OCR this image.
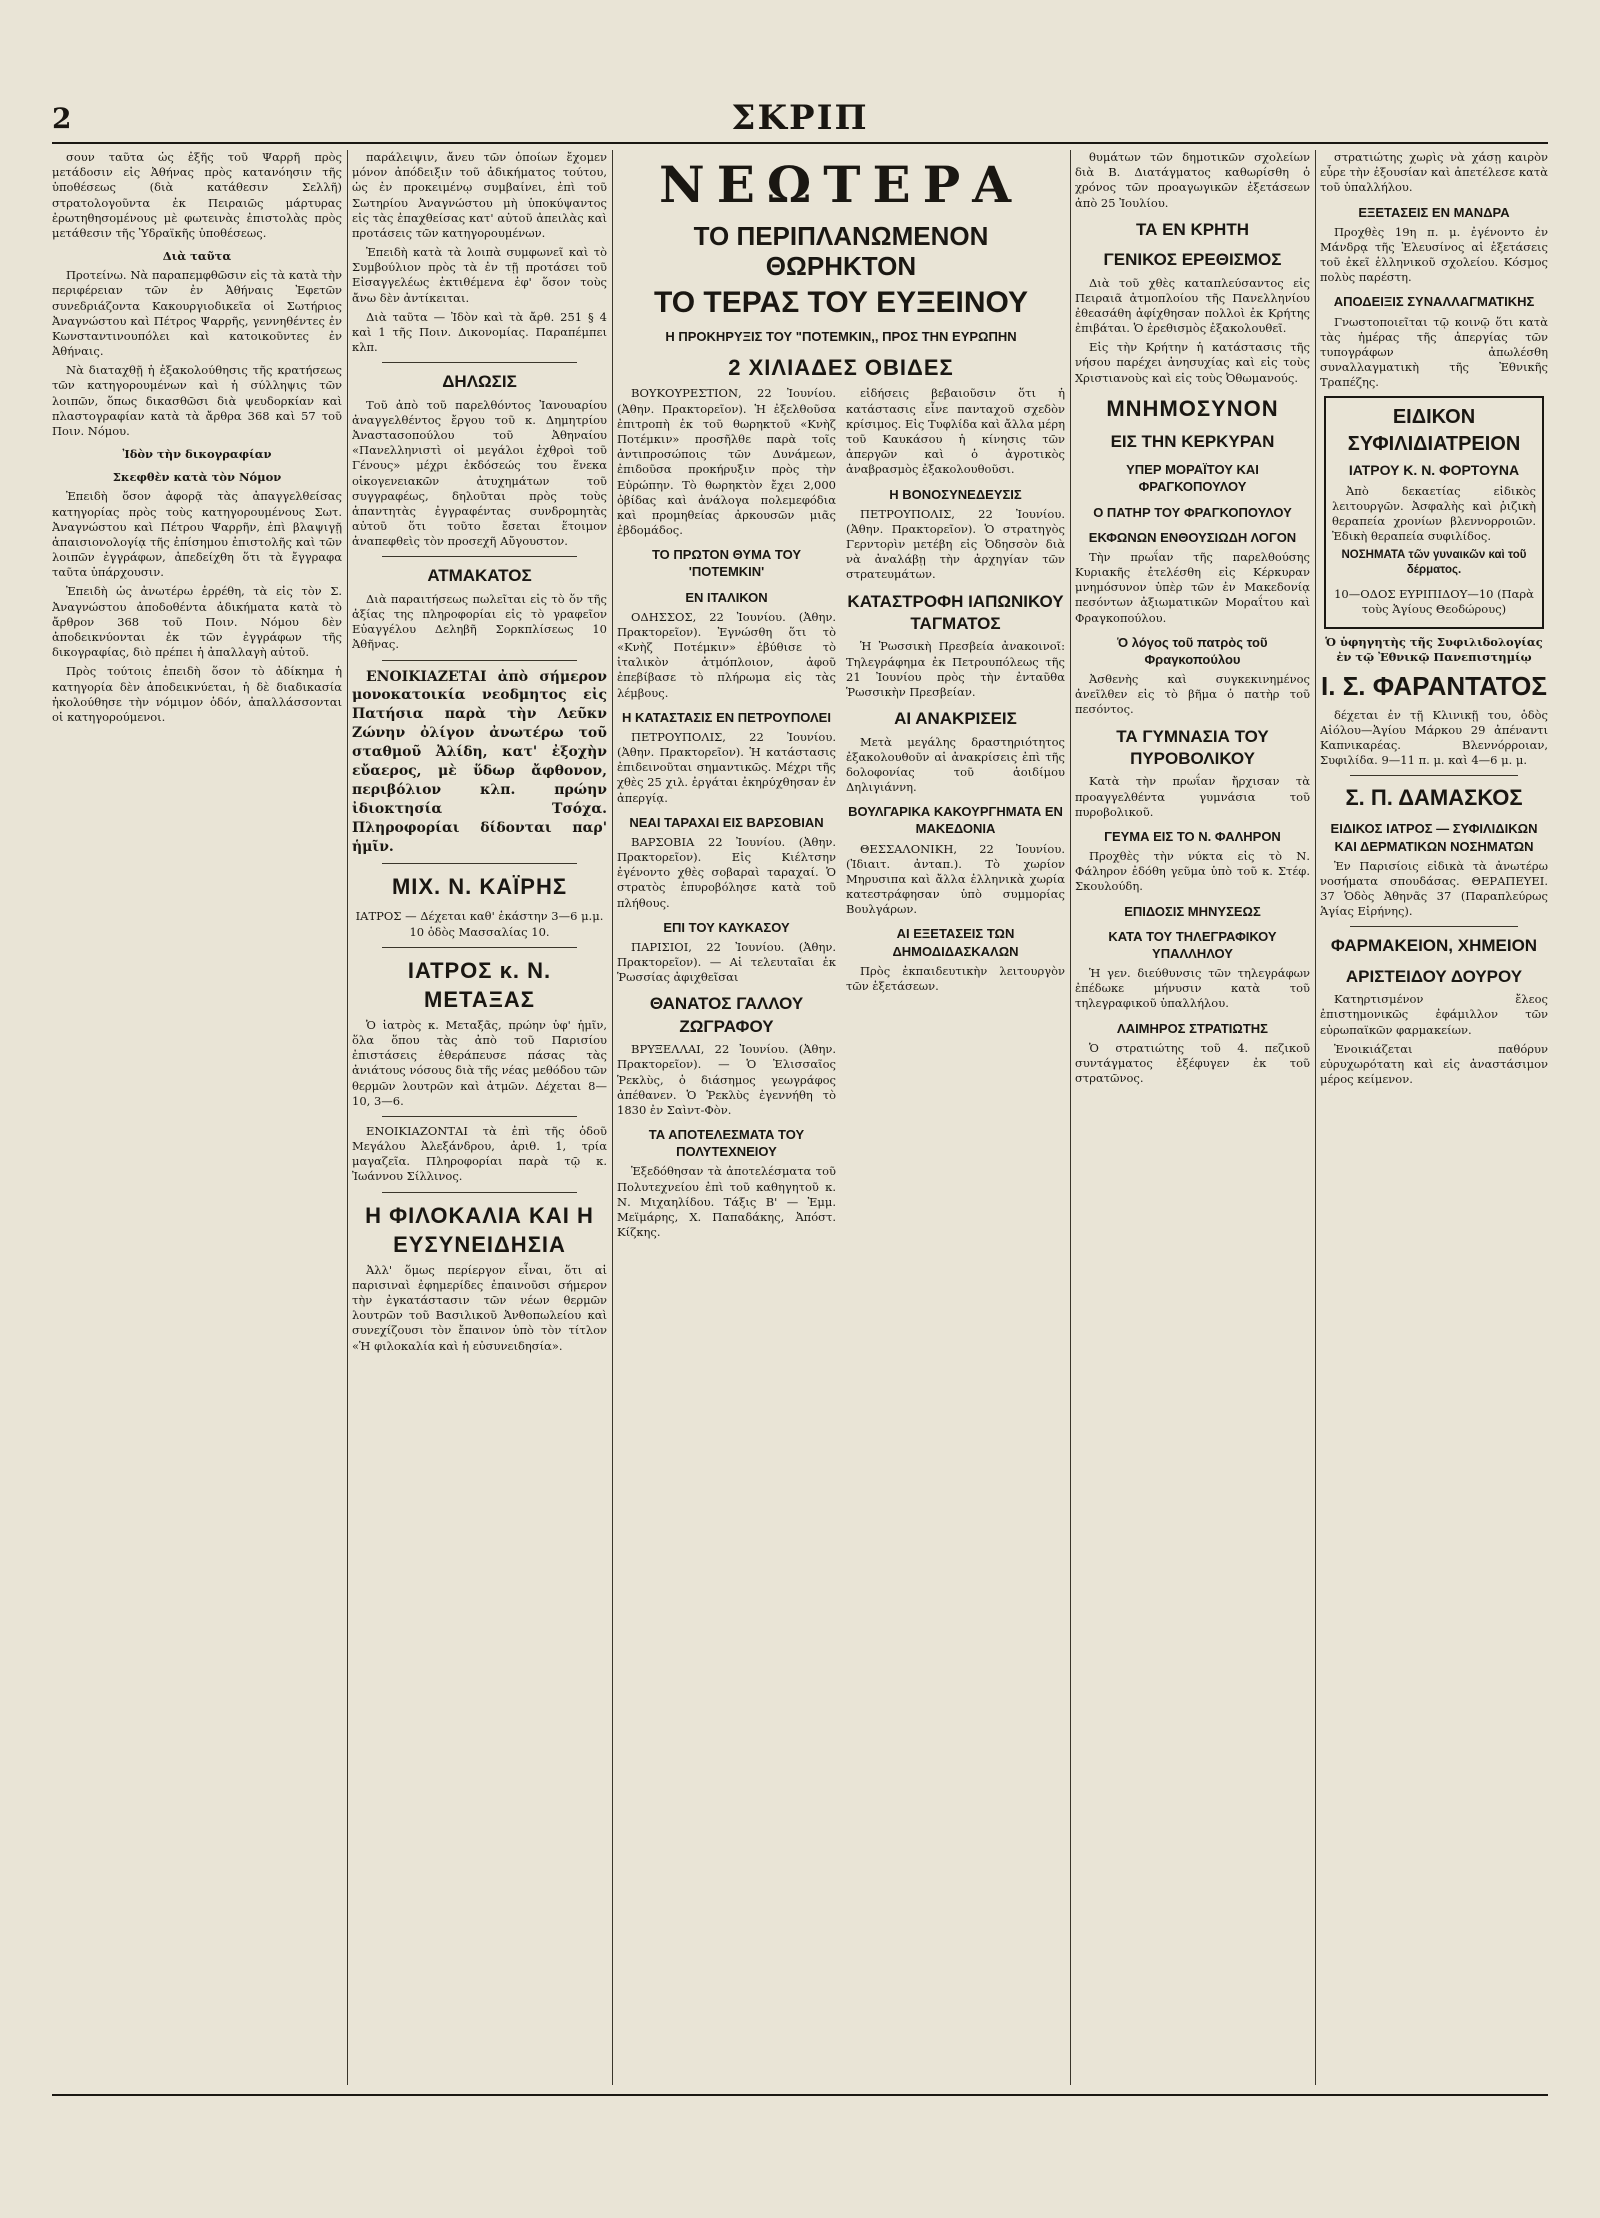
2	ΣΚΡΙΠ

σουν ταῦτα ὡς ἐξῆς τοῦ Ψαρρῆ πρὸς μετάδοσιν εἰς Ἀθήνας πρὸς κατανόησιν τῆς ὑποθέσεως (διὰ κατάθεσιν Σελλῆ) στρατολογοῦντα ἐκ Πειραιῶς μάρτυρας ἐρωτηθησομένους μὲ φωτεινὰς ἐπιστολὰς πρὸς μετάθεσιν τῆς Ὑδραϊκῆς ὑποθέσεως.

Διὰ ταῦτα

Προτείνω. Νὰ παραπεμφθῶσιν εἰς τὰ κατὰ τὴν περιφέρειαν τῶν ἐν Ἀθήναις Ἐφετῶν συνεδριάζοντα Κακουργιοδικεῖα οἱ Σωτήριος Ἀναγνώστου καὶ Πέτρος Ψαρρῆς, γεννηθέντες ἐν Κωνσταντινουπόλει καὶ κατοικοῦντες ἐν Ἀθήναις.

Νὰ διαταχθῇ ἡ ἐξακολούθησις τῆς κρατήσεως τῶν κατηγορουμένων καὶ ἡ σύλληψις τῶν λοιπῶν, ὅπως δικασθῶσι διὰ ψευδορκίαν καὶ πλαστογραφίαν κατὰ τὰ ἄρθρα 368 καὶ 57 τοῦ Ποιν. Νόμου.

Ἰδὸν τὴν δικογραφίαν

Σκεφθὲν κατὰ τὸν Νόμον

Ἐπειδὴ ὅσον ἀφορᾷ τὰς ἀπαγγελθείσας κατηγορίας πρὸς τοὺς κατηγορουμένους Σωτ. Ἀναγνώστου καὶ Πέτρου Ψαρρῆν, ἐπὶ βλαψιγῇ ἀπαισιονολογίᾳ τῆς ἐπίσημου ἐπιστολῆς καὶ τῶν λοιπῶν ἐγγράφων, ἀπεδείχθη ὅτι τὰ ἔγγραφα ταῦτα ὑπάρχουσιν.

Ἐπειδὴ ὡς ἀνωτέρω ἐρρέθη, τὰ εἰς τὸν Σ. Ἀναγνώστου ἀποδοθέντα ἀδικήματα κατὰ τὸ ἄρθρον 368 τοῦ Ποιν. Νόμου δὲν ἀποδεικνύονται ἐκ τῶν ἐγγράφων τῆς δικογραφίας, διὸ πρέπει ἡ ἀπαλλαγὴ αὐτοῦ.

Πρὸς τούτοις ἐπειδὴ ὅσον τὸ ἀδίκημα ἡ κατηγορία δὲν ἀποδεικνύεται, ἡ δὲ διαδικασία ἠκολούθησε τὴν νόμιμον ὁδόν, ἀπαλλάσσονται οἱ κατηγορούμενοι.

παράλειψιν, ἄνευ τῶν ὁποίων ἔχομεν μόνον ἀπόδειξιν τοῦ ἀδικήματος τούτου, ὡς ἐν προκειμένῳ συμβαίνει, ἐπὶ τοῦ Σωτηρίου Ἀναγνώστου μὴ ὑποκύψαντος εἰς τὰς ἐπαχθείσας κατ' αὐτοῦ ἀπειλὰς καὶ προτάσεις τῶν κατηγορουμένων.

Ἐπειδὴ κατὰ τὰ λοιπὰ συμφωνεῖ καὶ τὸ Συμβούλιον πρὸς τὰ ἐν τῇ προτάσει τοῦ Εἰσαγγελέως ἐκτιθέμενα ἐφ' ὅσον τοὺς ἄνω δὲν ἀντίκειται.

Διὰ ταῦτα — Ἰδὸν καὶ τὰ ἄρθ. 251 § 4 καὶ 1 τῆς Ποιν. Δικονομίας. Παραπέμπει κλπ.

ΔΗΛΩΣΙΣ

Τοῦ ἀπὸ τοῦ παρελθόντος Ἰανουαρίου ἀναγγελθέντος ἔργου τοῦ κ. Δημητρίου Ἀναστασοπούλου τοῦ Ἀθηναίου «Πανελληνιστὶ οἱ μεγάλοι ἐχθροὶ τοῦ Γένους» μέχρι ἐκδόσεώς του ἕνεκα οἰκογενειακῶν ἀτυχημάτων τοῦ συγγραφέως, δηλοῦται πρὸς τοὺς ἀπαντητὰς ἐγγραφέντας συνδρομητὰς αὐτοῦ ὅτι τοῦτο ἔσεται ἕτοιμον ἀναπεφθεὶς τὸν προσεχῆ Αὔγουστον.

ΑΤΜΑΚΑΤΟΣ

Διὰ παραιτήσεως πωλεῖται εἰς τὸ ὅν τῆς ἀξίας της πληροφορίαι εἰς τὸ γραφεῖον Εὐαγγέλου Δεληβῆ Σορκπλίσεως 10 Ἀθῆνας.

ΕΝΟΙΚΙΑΖΕΤΑΙ ἀπὸ σήμερον μονοκατοικία νεοδμητος εἰς Πατήσια παρὰ τὴν Λεῦκν Ζώνην ὀλίγον ἀνωτέρω τοῦ σταθμοῦ Ἀλίδη, κατ' ἐξοχὴν εὔαερος, μὲ ὕδωρ ἄφθονον, περιβόλιον κλπ. πρώην ἰδιοκτησία Τσόχα. Πληροφορίαι δίδονται παρ' ἡμῖν.

ΜΙΧ. Ν. ΚΑΪΡΗΣ

ΙΑΤΡΟΣ — Δέχεται καθ' ἑκάστην 3—6 μ.μ. 10 ὁδὸς Μασσαλίας 10.

ΙΑΤΡΟΣ κ. Ν. ΜΕΤΑΞΑΣ

Ὁ ἰατρὸς κ. Μεταξᾶς, πρώην ὑφ' ἡμῖν, ὅλα ὅπου τὰς ἀπὸ τοῦ Παρισίου ἐπιστάσεις ἐθεράπευσε πάσας τὰς ἀνιάτους νόσους διὰ τῆς νέας μεθόδου τῶν θερμῶν λουτρῶν καὶ ἀτμῶν. Δέχεται 8—10, 3—6.

ΕΝΟΙΚΙΑΖΟΝΤΑΙ τὰ ἐπὶ τῆς ὁδοῦ Μεγάλου Ἀλεξάνδρου, ἀριθ. 1, τρία μαγαζεῖα. Πληροφορίαι παρὰ τῷ κ. Ἰωάννου Σίλλινος.

Η ΦΙΛΟΚΑΛΙΑ ΚΑΙ Η ΕΥΣΥΝΕΙΔΗΣΙΑ

Ἀλλ' ὅμως περίεργον εἶναι, ὅτι αἱ παρισιναὶ ἐφημερίδες ἐπαινοῦσι σήμερον τὴν ἐγκατάστασιν τῶν νέων θερμῶν λουτρῶν τοῦ Βασιλικοῦ Ἀνθοπωλείου καὶ συνεχίζουσι τὸν ἔπαινον ὑπὸ τὸν τίτλον «Ἡ φιλοκαλία καὶ ἡ εὐσυνειδησία».

ΝΕΩΤΕΡΑ
ΤΟ ΠΕΡΙΠΛΑΝΩΜΕΝΟΝ ΘΩΡΗΚΤΟΝ
ΤΟ ΤΕΡΑΣ ΤΟΥ ΕΥΞΕΙΝΟΥ

Η ΠΡΟΚΗΡΥΞΙΣ ΤΟΥ "ΠΟΤΕΜΚΙΝ,, ΠΡΟΣ ΤΗΝ ΕΥΡΩΠΗΝ

2 ΧΙΛΙΑΔΕΣ ΟΒΙΔΕΣ

ΒΟΥΚΟΥΡΕΣΤΙΟΝ, 22 Ἰουνίου. (Ἀθην. Πρακτορεῖον). Ἡ ἐξελθοῦσα ἐπιτροπὴ ἐκ τοῦ θωρηκτοῦ «Κνὴζ Ποτέμκιν» προσῆλθε παρὰ τοῖς ἀντιπροσώποις τῶν Δυνάμεων, ἐπιδοῦσα προκήρυξιν πρὸς τὴν Εὐρώπην. Τὸ θωρηκτὸν ἔχει 2,000 ὀβίδας καὶ ἀνάλογα πολεμεφόδια καὶ προμηθείας ἀρκουσῶν μιᾶς ἐβδομάδος.

ΤΟ ΠΡΩΤΟΝ ΘΥΜΑ ΤΟΥ 'ΠΟΤΕΜΚΙΝ'

ΕΝ ΙΤΑΛΙΚΟΝ

ΟΔΗΣΣΟΣ, 22 Ἰουνίου. (Ἀθην. Πρακτορεῖον). Ἐγνώσθη ὅτι τὸ «Κνὴζ Ποτέμκιν» ἐβύθισε τὸ ἰταλικὸν ἀτμόπλοιον, ἀφοῦ ἐπεβίβασε τὸ πλήρωμα εἰς τὰς λέμβους.

Η ΚΑΤΑΣΤΑΣΙΣ ΕΝ ΠΕΤΡΟΥΠΟΛΕΙ

ΠΕΤΡΟΥΠΟΛΙΣ, 22 Ἰουνίου. (Ἀθην. Πρακτορεῖον). Ἡ κατάστασις ἐπιδεινοῦται σημαντικῶς. Μέχρι τῆς χθὲς 25 χιλ. ἐργάται ἐκηρύχθησαν ἐν ἀπεργίᾳ.

ΝΕΑΙ ΤΑΡΑΧΑΙ ΕΙΣ ΒΑΡΣΟΒΙΑΝ

ΒΑΡΣΟΒΙΑ 22 Ἰουνίου. (Ἀθην. Πρακτορεῖον). Εἰς Κιέλτσην ἐγένοντο χθὲς σοβαραὶ ταραχαί. Ὁ στρατὸς ἐπυροβόλησε κατὰ τοῦ πλήθους.

ΕΠΙ ΤΟΥ ΚΑΥΚΑΣΟΥ

ΠΑΡΙΣΙΟΙ, 22 Ἰουνίου. (Ἀθην. Πρακτορεῖον). — Αἱ τελευταῖαι ἐκ Ῥωσσίας ἀφιχθεῖσαι

ΘΑΝΑΤΟΣ ΓΑΛΛΟΥ ΖΩΓΡΑΦΟΥ

ΒΡΥΞΕΛΛΑΙ, 22 Ἰουνίου. (Ἀθην. Πρακτορεῖον). — Ὁ Ἐλισσαῖος Ῥεκλὺς, ὁ διάσημος γεωγράφος ἀπέθανεν. Ὁ Ῥεκλὺς ἐγεννήθη τὸ 1830 ἐν Σαὶντ-Φὸν.

ΤΑ ΑΠΟΤΕΛΕΣΜΑΤΑ ΤΟΥ ΠΟΛΥΤΕΧΝΕΙΟΥ

Ἐξεδόθησαν τὰ ἀποτελέσματα τοῦ Πολυτεχνείου ἐπὶ τοῦ καθηγητοῦ κ. Ν. Μιχαηλίδου. Τάξις Β' — Ἐμμ. Μεϊμάρης, Χ. Παπαδάκης, Ἀπόστ. Κίζκης.

εἰδήσεις βεβαιοῦσιν ὅτι ἡ κατάστασις εἶνε πανταχοῦ σχεδὸν κρίσιμος. Εἰς Τυφλίδα καὶ ἄλλα μέρη τοῦ Καυκάσου ἡ κίνησις τῶν ἀπεργῶν καὶ ὁ ἀγροτικὸς ἀναβρασμὸς ἐξακολουθοῦσι.

Η ΒΟΝΟΣΥΝΕΔΕΥΣΙΣ

ΠΕΤΡΟΥΠΟΛΙΣ, 22 Ἰουνίου. (Ἀθην. Πρακτορεῖον). Ὁ στρατηγὸς Γερντορὶν μετέβη εἰς Ὀδησσὸν διὰ νὰ ἀναλάβῃ τὴν ἀρχηγίαν τῶν στρατευμάτων.

ΚΑΤΑΣΤΡΟΦΗ ΙΑΠΩΝΙΚΟΥ ΤΑΓΜΑΤΟΣ

Ἡ Ῥωσσικὴ Πρεσβεία ἀνακοινοῖ: Τηλεγράφημα ἐκ Πετρουπόλεως τῆς 21 Ἰουνίου πρὸς τὴν ἐνταῦθα Ῥωσσικὴν Πρεσβείαν.

ΑΙ ΑΝΑΚΡΙΣΕΙΣ

Μετὰ μεγάλης δραστηριότητος ἐξακολουθοῦν αἱ ἀνακρίσεις ἐπὶ τῆς δολοφονίας τοῦ ἀοιδίμου Δηλιγιάννη.

ΒΟΥΛΓΑΡΙΚΑ ΚΑΚΟΥΡΓΗΜΑΤΑ ΕΝ ΜΑΚΕΔΟΝΙΑ

ΘΕΣΣΑΛΟΝΙΚΗ, 22 Ἰουνίου. (Ἰδιαιτ. ἀνταπ.). Τὸ χωρίον Μηρυσιπα καὶ ἄλλα ἐλληνικὰ χωρία κατεστράφησαν ὑπὸ συμμορίας Βουλγάρων.

ΑΙ ΕΞΕΤΑΣΕΙΣ ΤΩΝ ΔΗΜΟΔΙΔΑΣΚΑΛΩΝ

Πρὸς ἐκπαιδευτικὴν λειτουργὸν τῶν ἑξετάσεων.

θυμάτων τῶν δημοτικῶν σχολείων διὰ Β. Διατάγματος καθωρίσθη ὁ χρόνος τῶν προαγωγικῶν ἐξετάσεων ἀπὸ 25 Ἰουλίου.

ΤΑ ΕΝ ΚΡΗΤΗ

ΓΕΝΙΚΟΣ ΕΡΕΘΙΣΜΟΣ

Διὰ τοῦ χθὲς καταπλεύσαντος εἰς Πειραιᾶ ἀτμοπλοίου τῆς Πανελληνίου ἐθεασάθη ἀφίχθησαν πολλοὶ ἐκ Κρήτης ἐπιβάται. Ὁ ἐρεθισμὸς ἐξακολουθεῖ.

Εἰς τὴν Κρήτην ἡ κατάστασις τῆς νήσου παρέχει ἀνησυχίας καὶ εἰς τοὺς Χριστιανοὺς καὶ εἰς τοὺς Ὀθωμανούς.

ΜΝΗΜΟΣΥΝΟΝ

ΕΙΣ ΤΗΝ ΚΕΡΚΥΡΑΝ

ΥΠΕΡ ΜΟΡΑΪΤΟΥ ΚΑΙ ΦΡΑΓΚΟΠΟΥΛΟΥ

Ο ΠΑΤΗΡ ΤΟΥ ΦΡΑΓΚΟΠΟΥΛΟΥ

ΕΚΦΩΝΩΝ ΕΝΘΟΥΣΙΩΔΗ ΛΟΓΟΝ

Τὴν πρωΐαν τῆς παρελθούσης Κυριακῆς ἐτελέσθη εἰς Κέρκυραν μνημόσυνον ὑπὲρ τῶν ἐν Μακεδονίᾳ πεσόντων ἀξιωματικῶν Μοραΐτου καὶ Φραγκοπούλου.

Ὁ λόγος τοῦ πατρὸς τοῦ Φραγκοπούλου

Ἀσθενὴς καὶ συγκεκινημένος ἀνεῖλθεν εἰς τὸ βῆμα ὁ πατὴρ τοῦ πεσόντος.

ΤΑ ΓΥΜΝΑΣΙΑ ΤΟΥ ΠΥΡΟΒΟΛΙΚΟΥ

Κατὰ τὴν πρωΐαν ἤρχισαν τὰ προαγγελθέντα γυμνάσια τοῦ πυροβολικοῦ.

ΓΕΥΜΑ ΕΙΣ ΤΟ Ν. ΦΑΛΗΡΟΝ

Προχθὲς τὴν νύκτα εἰς τὸ Ν. Φάληρον ἐδόθη γεῦμα ὑπὸ τοῦ κ. Στέφ. Σκουλούδη.

ΕΠΙΔΟΣΙΣ ΜΗΝΥΣΕΩΣ

ΚΑΤΑ ΤΟΥ ΤΗΛΕΓΡΑΦΙΚΟΥ ΥΠΑΛΛΗΛΟΥ

Ἡ γεν. διεύθυνσις τῶν τηλεγράφων ἐπέδωκε μήνυσιν κατὰ τοῦ τηλεγραφικοῦ ὑπαλλήλου.

ΛΑΙΜΗΡΟΣ ΣΤΡΑΤΙΩΤΗΣ

Ὁ στρατιώτης τοῦ 4. πεζικοῦ συντάγματος ἐξέφυγεν ἐκ τοῦ στρατῶνος.

στρατιώτης χωρὶς νὰ χάσῃ καιρὸν εὗρε τὴν ἐξουσίαν καὶ ἀπετέλεσε κατὰ τοῦ ὑπαλλήλου.

ΕΞΕΤΑΣΕΙΣ ΕΝ ΜΑΝΔΡΑ

Προχθὲς 19η π. μ. ἐγένοντο ἐν Μάνδρᾳ τῆς Ἐλευσίνος αἱ ἐξετάσεις τοῦ ἐκεῖ ἑλληνικοῦ σχολείου. Κόσμος πολὺς παρέστη.

ΑΠΟΔΕΙΞΙΣ ΣΥΝΑΛΛΑΓΜΑΤΙΚΗΣ

Γνωστοποιεῖται τῷ κοινῷ ὅτι κατὰ τὰς ἡμέρας τῆς ἀπεργίας τῶν τυπογράφων ἀπωλέσθη συναλλαγματικὴ τῆς Ἐθνικῆς Τραπέζης.

ΕΙΔΙΚΟΝ ΣΥΦΙΛΙΔΙΑΤΡΕΙΟΝ

ΙΑΤΡΟΥ Κ. Ν. ΦΟΡΤΟΥΝΑ

Ἀπὸ δεκαετίας εἰδικὸς λειτουργῶν. Ἀσφαλὴς καὶ ῥιζικὴ θεραπεία χρονίων βλεννορροιῶν. Ἐδικὴ θεραπεία συφιλίδος.

ΝΟΣΗΜΑΤΑ τῶν γυναικῶν καὶ τοῦ δέρματος.

10—ΟΔΟΣ ΕΥΡΙΠΙΔΟΥ—10 (Παρὰ τοὺς Ἁγίους Θεοδώρους)

Ὁ ὑφηγητὴς τῆς Συφιλιδολογίας ἐν τῷ Ἐθνικῷ Πανεπιστημίῳ

Ι. Σ. ΦΑΡΑΝΤΑΤΟΣ

δέχεται ἐν τῇ Κλινικῇ του, ὁδὸς Αἰόλου—Ἁγίου Μάρκου 29 ἀπέναντι Καπνικαρέας. Βλεννόρροιαν, Συφιλίδα. 9—11 π. μ. καὶ 4—6 μ. μ.

Σ. Π. ΔΑΜΑΣΚΟΣ

ΕΙΔΙΚΟΣ ΙΑΤΡΟΣ — ΣΥΦΙΛΙΔΙΚΩΝ ΚΑΙ ΔΕΡΜΑΤΙΚΩΝ ΝΟΣΗΜΑΤΩΝ

Ἐν Παρισίοις εἰδικὰ τὰ ἀνωτέρω νοσήματα σπουδάσας. ΘΕΡΑΠΕΥΕΙ. 37 Ὁδὸς Ἀθηνᾶς 37 (Παραπλεύρως Ἁγίας Εἰρήνης).

ΦΑΡΜΑΚΕΙΟΝ, ΧΗΜΕΙΟΝ

ΑΡΙΣΤΕΙΔΟΥ ΔΟΥΡΟΥ

Κατηρτισμένον ἔλεος ἐπιστημονικῶς ἐφάμιλλον τῶν εὐρωπαϊκῶν φαρμακείων.

Ἐνοικιάζεται παθόρυν εὐρυχωρότατη καὶ εἰς ἀναστάσιμον μέρος κείμενον.
